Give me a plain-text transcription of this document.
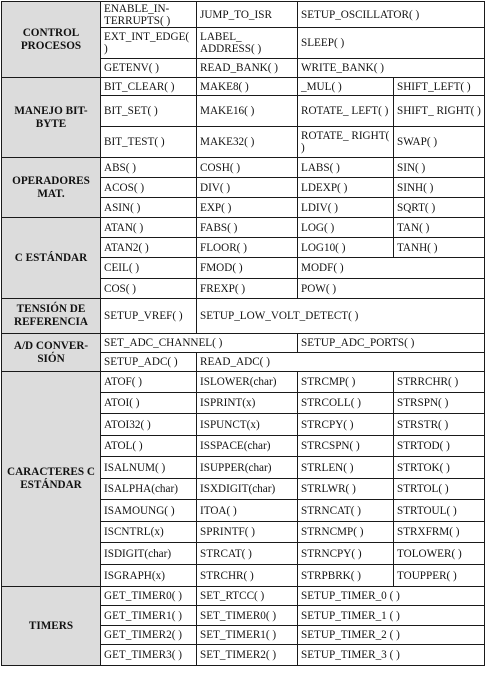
CONTROL PROCESOS	ENABLE_IN-TERRUPTS( )	JUMP_TO_ISR	SETUP_OSCILLATOR( )	
	EXT_INT_EDGE( )	LABEL_ ADDRESS( )	SLEEP( )	
	GETENV( )	READ_BANK( )	WRITE_BANK( )	
MANEJO BIT-BYTE	BIT_CLEAR( )	MAKE8( )	_MUL( )	SHIFT_LEFT( )
	BIT_SET( )	MAKE16( )	ROTATE_ LEFT( )	SHIFT_ RIGHT( )
	BIT_TEST( )	MAKE32( )	ROTATE_ RIGHT( )	SWAP( )
OPERADORES MAT.	ABS( )	COSH( )	LABS( )	SIN( )
	ACOS( )	DIV( )	LDEXP( )	SINH( )
	ASIN( )	EXP( )	LDIV( )	SQRT( )
C ESTÁNDAR	ATAN( )	FABS( )	LOG( )	TAN( )
	ATAN2( )	FLOOR( )	LOG10( )	TANH( )
	CEIL( )	FMOD( )	MODF( )	
	COS( )	FREXP( )	POW( )	
TENSIÓN DE REFERENCIA	SETUP_VREF( )	SETUP_LOW_VOLT_DETECT( )		
A/D CONVER-SIÓN	SET_ADC_CHANNEL( )		SETUP_ADC_PORTS( )	
	SETUP_ADC( )	READ_ADC( )		
CARACTERES C ESTÁNDAR	ATOF( )	ISLOWER(char)	STRCMP( )	STRRCHR( )
	ATOI( )	ISPRINT(x)	STRCOLL( )	STRSPN( )
	ATOI32( )	ISPUNCT(x)	STRCPY( )	STRSTR( )
	ATOL( )	ISSPACE(char)	STRCSPN( )	STRTOD( )
	ISALNUM( )	ISUPPER(char)	STRLEN( )	STRTOK( )
	ISALPHA(char)	ISXDIGIT(char)	STRLWR( )	STRTOL( )
	ISAMOUNG( )	ITOA( )	STRNCAT( )	STRTOUL( )
	ISCNTRL(x)	SPRINTF( )	STRNCMP( )	STRXFRM( )
	ISDIGIT(char)	STRCAT( )	STRNCPY( )	TOLOWER( )
	ISGRAPH(x)	STRCHR( )	STRPBRK( )	TOUPPER( )
TIMERS	GET_TIMER0( )	SET_RTCC( )	SETUP_TIMER_0 ( )	
	GET_TIMER1( )	SET_TIMER0( )	SETUP_TIMER_1 ( )	
	GET_TIMER2( )	SET_TIMER1( )	SETUP_TIMER_2 ( )	
	GET_TIMER3( )	SET_TIMER2( )	SETUP_TIMER_3 ( )	
